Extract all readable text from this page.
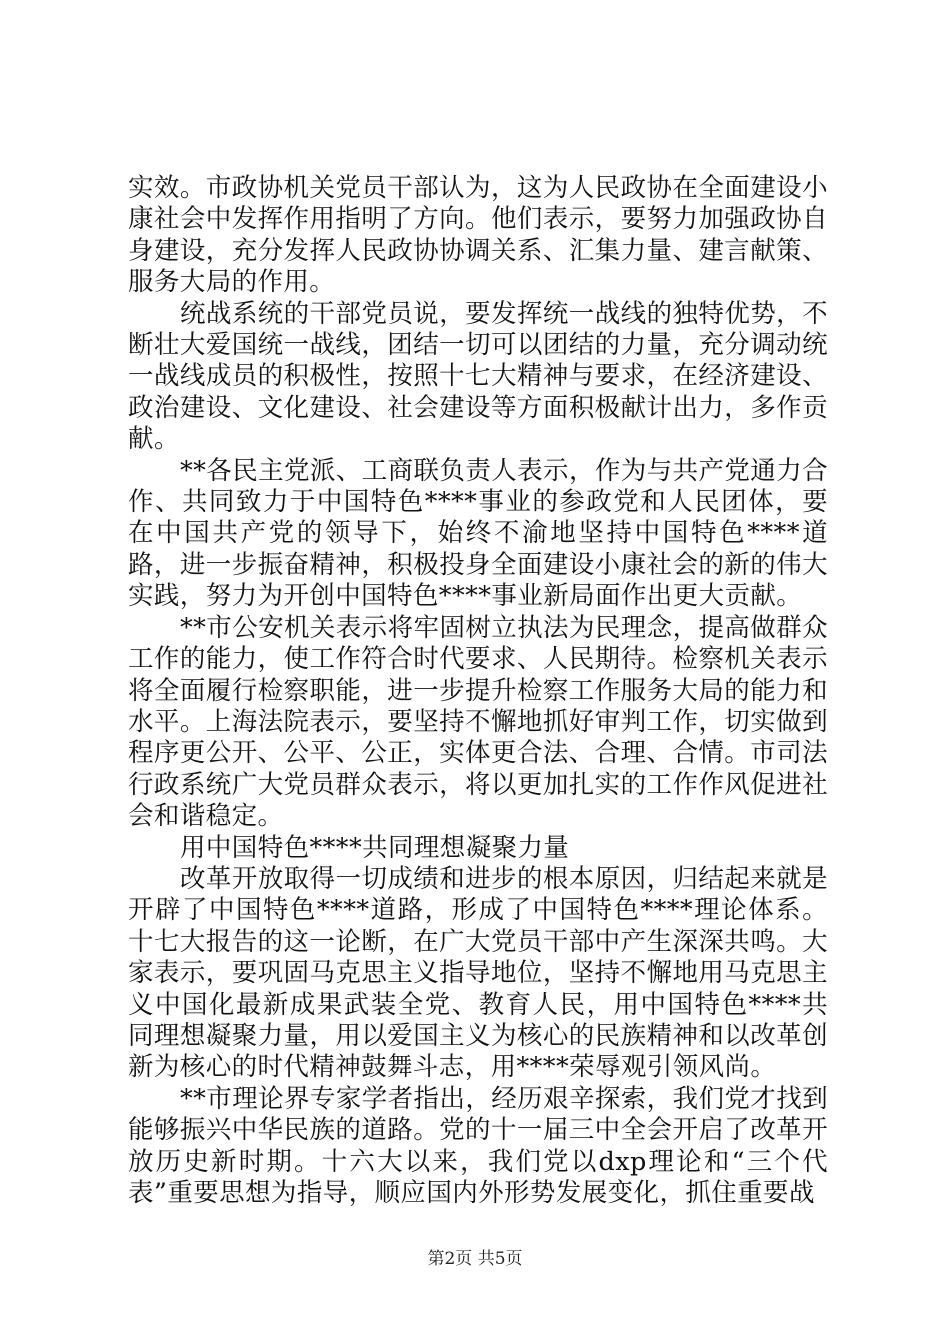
实效。市政协机关党员干部认为，这为人民政协在全面建设小康社会中发挥作用指明了方向。他们表示，要努力加强政协自身建设，充分发挥人民政协协调关系、汇集力量、建言献策、服务大局的作用。

统战系统的干部党员说，要发挥统一战线的独特优势，不断壮大爱国统一战线，团结一切可以团结的力量，充分调动统一战线成员的积极性，按照十七大精神与要求，在经济建设、政治建设、文化建设、社会建设等方面积极献计出力，多作贡献。

**各民主党派、工商联负责人表示，作为与共产党通力合作、共同致力于中国特色****事业的参政党和人民团体，要在中国共产党的领导下，始终不渝地坚持中国特色****道路，进一步振奋精神，积极投身全面建设小康社会的新的伟大实践，努力为开创中国特色****事业新局面作出更大贡献。

**市公安机关表示将牢固树立执法为民理念，提高做群众工作的能力，使工作符合时代要求、人民期待。检察机关表示将全面履行检察职能，进一步提升检察工作服务大局的能力和水平。上海法院表示，要坚持不懈地抓好审判工作，切实做到程序更公开、公平、公正，实体更合法、合理、合情。市司法行政系统广大党员群众表示，将以更加扎实的工作作风促进社会和谐稳定。

用中国特色****共同理想凝聚力量

改革开放取得一切成绩和进步的根本原因，归结起来就是开辟了中国特色****道路，形成了中国特色****理论体系。十七大报告的这一论断，在广大党员干部中产生深深共鸣。大家表示，要巩固马克思主义指导地位，坚持不懈地用马克思主义中国化最新成果武装全党、教育人民，用中国特色****共同理想凝聚力量，用以爱国主义为核心的民族精神和以改革创新为核心的时代精神鼓舞斗志，用****荣辱观引领风尚。

**市理论界专家学者指出，经历艰辛探索，我们党才找到能够振兴中华民族的道路。党的十一届三中全会开启了改革开放历史新时期。十六大以来，我们党以dxp理论和“三个代表”重要思想为指导，顺应国内外形势发展变化，抓住重要战

第2页 共5页
